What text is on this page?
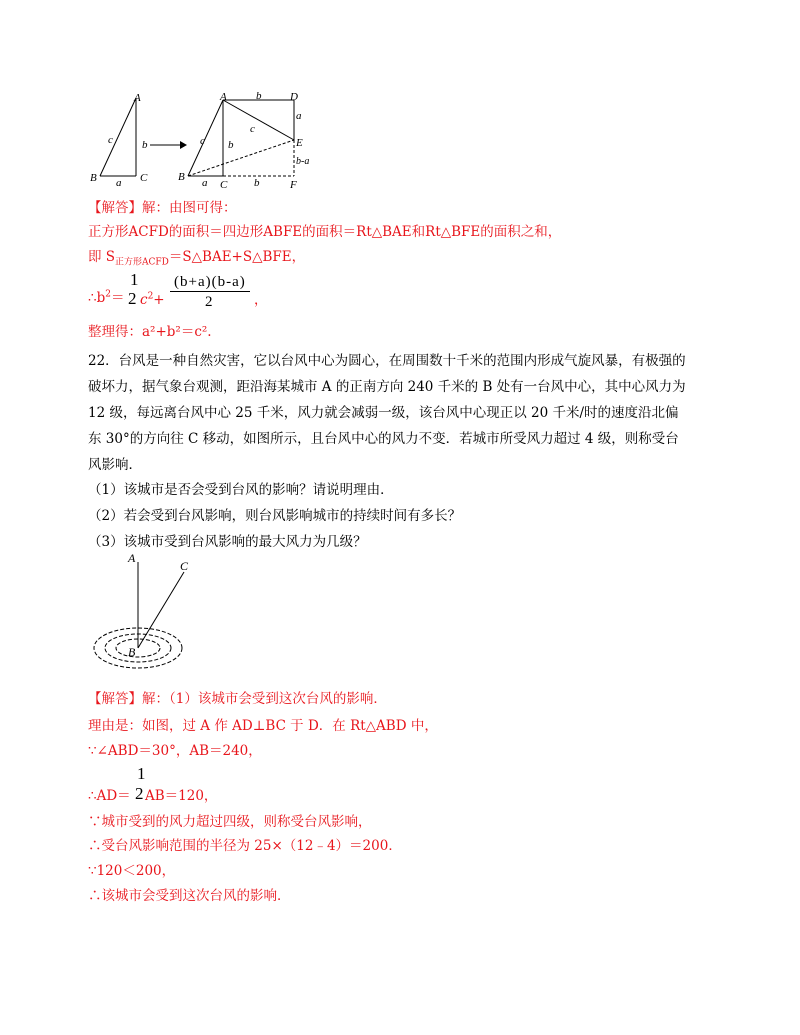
A
B	C
c	b
a
A	D
E
B
C	F
b
a
b-a
c
b
c
a	b
【解答】解：由图可得：
正方形ACFD的面积＝四边形ABFE的面积＝Rt△BAE和Rt△BFE的面积之和，
即 $S_{正方形ACFD}=S\triangle BAE+S\triangle BFE$，
$\therefore b^2=$
1
2 $c^2+$
(b+a)(b-a)
2	，
整理得：a²+b²＝c².
22．台风是一种自然灾害，它以台风中心为圆心，在周围数十千米的范围内形成气旋风暴，有极强的
破坏力，据气象台观测，距沿海某城市 A 的正南方向 240 千米的 B 处有一台风中心，其中心风力为
12 级，每远离台风中心 25 千米，风力就会减弱一级，该台风中心现正以 20 千米/时的速度沿北偏
东 30°的方向往 C 移动，如图所示，且台风中心的风力不变．若城市所受风力超过 4 级，则称受台
风影响．
（1）该城市是否会受到台风的影响？请说明理由．
（2）若会受到台风影响，则台风影响城市的持续时间有多长？
（3）该城市受到台风影响的最大风力为几级？
A
C
B
【解答】解：（1）该城市会受到这次台风的影响．
理由是：如图，过 A 作 AD⊥BC 于 D．在 Rt△ABD 中，
∵∠ABD＝30°，AB＝240，
∴AD＝
1
2 AB＝120，
∵城市受到的风力超过四级，则称受台风影响，
∴受台风影响范围的半径为 25×（12﹣4）＝200．
∵120＜200，
∴该城市会受到这次台风的影响．
